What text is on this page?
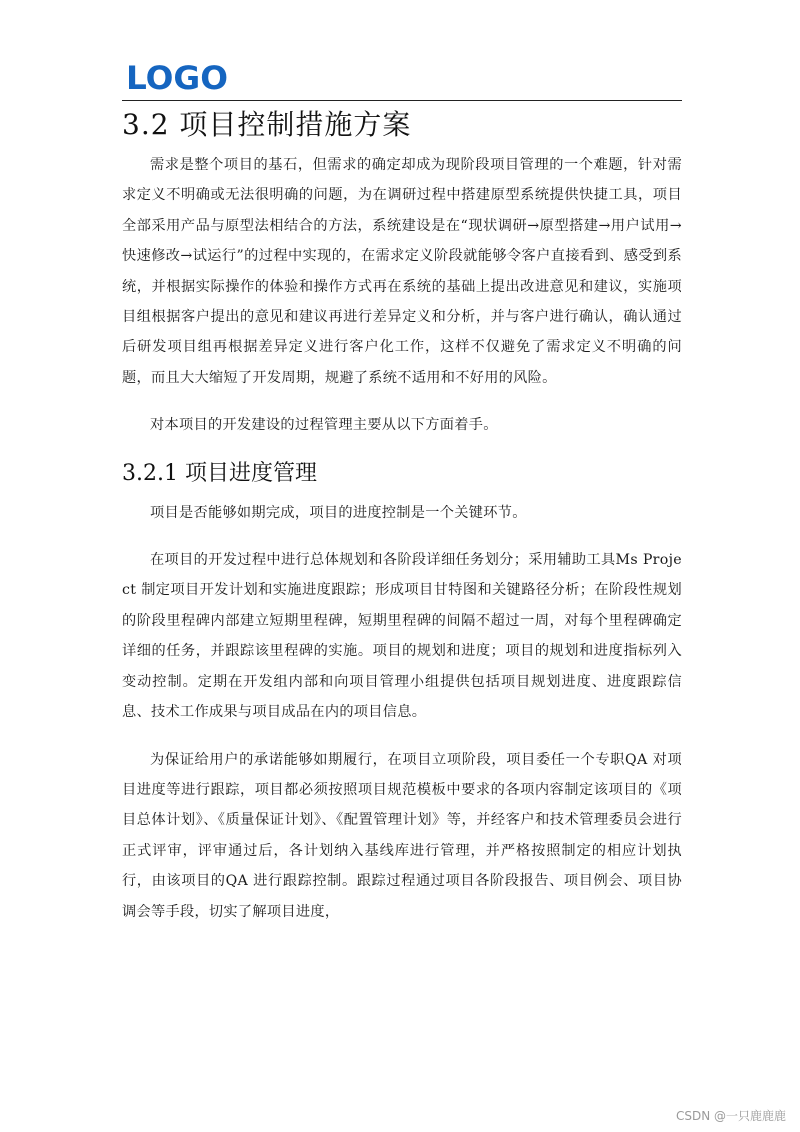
LOGO
3.2 项目控制措施方案

需求是整个项目的基石，但需求的确定却成为现阶段项目管理的一个难题，针对需求定义不明确或无法很明确的问题，为在调研过程中搭建原型系统提供快捷工具，项目全部采用产品与原型法相结合的方法，系统建设是在“现状调研→原型搭建→用户试用→快速修改→试运行”的过程中实现的，在需求定义阶段就能够令客户直接看到、感受到系统，并根据实际操作的体验和操作方式再在系统的基础上提出改进意见和建议，实施项目组根据客户提出的意见和建议再进行差异定义和分析，并与客户进行确认，确认通过后研发项目组再根据差异定义进行客户化工作，这样不仅避免了需求定义不明确的问题，而且大大缩短了开发周期，规避了系统不适用和不好用的风险。

对本项目的开发建设的过程管理主要从以下方面着手。

3.2.1 项目进度管理

项目是否能够如期完成，项目的进度控制是一个关键环节。

在项目的开发过程中进行总体规划和各阶段详细任务划分；采用辅助工具Ms Project 制定项目开发计划和实施进度跟踪；形成项目甘特图和关键路径分析；在阶段性规划的阶段里程碑内部建立短期里程碑，短期里程碑的间隔不超过一周，对每个里程碑确定详细的任务，并跟踪该里程碑的实施。项目的规划和进度；项目的规划和进度指标列入变动控制。定期在开发组内部和向项目管理小组提供包括项目规划进度、进度跟踪信息、技术工作成果与项目成品在内的项目信息。

为保证给用户的承诺能够如期履行，在项目立项阶段，项目委任一个专职QA 对项目进度等进行跟踪，项目都必须按照项目规范模板中要求的各项内容制定该项目的《项目总体计划》、《质量保证计划》、《配置管理计划》等，并经客户和技术管理委员会进行正式评审，评审通过后，各计划纳入基线库进行管理，并严格按照制定的相应计划执行，由该项目的QA 进行跟踪控制。跟踪过程通过项目各阶段报告、项目例会、项目协调会等手段，切实了解项目进度，

CSDN @一只鹿鹿鹿
